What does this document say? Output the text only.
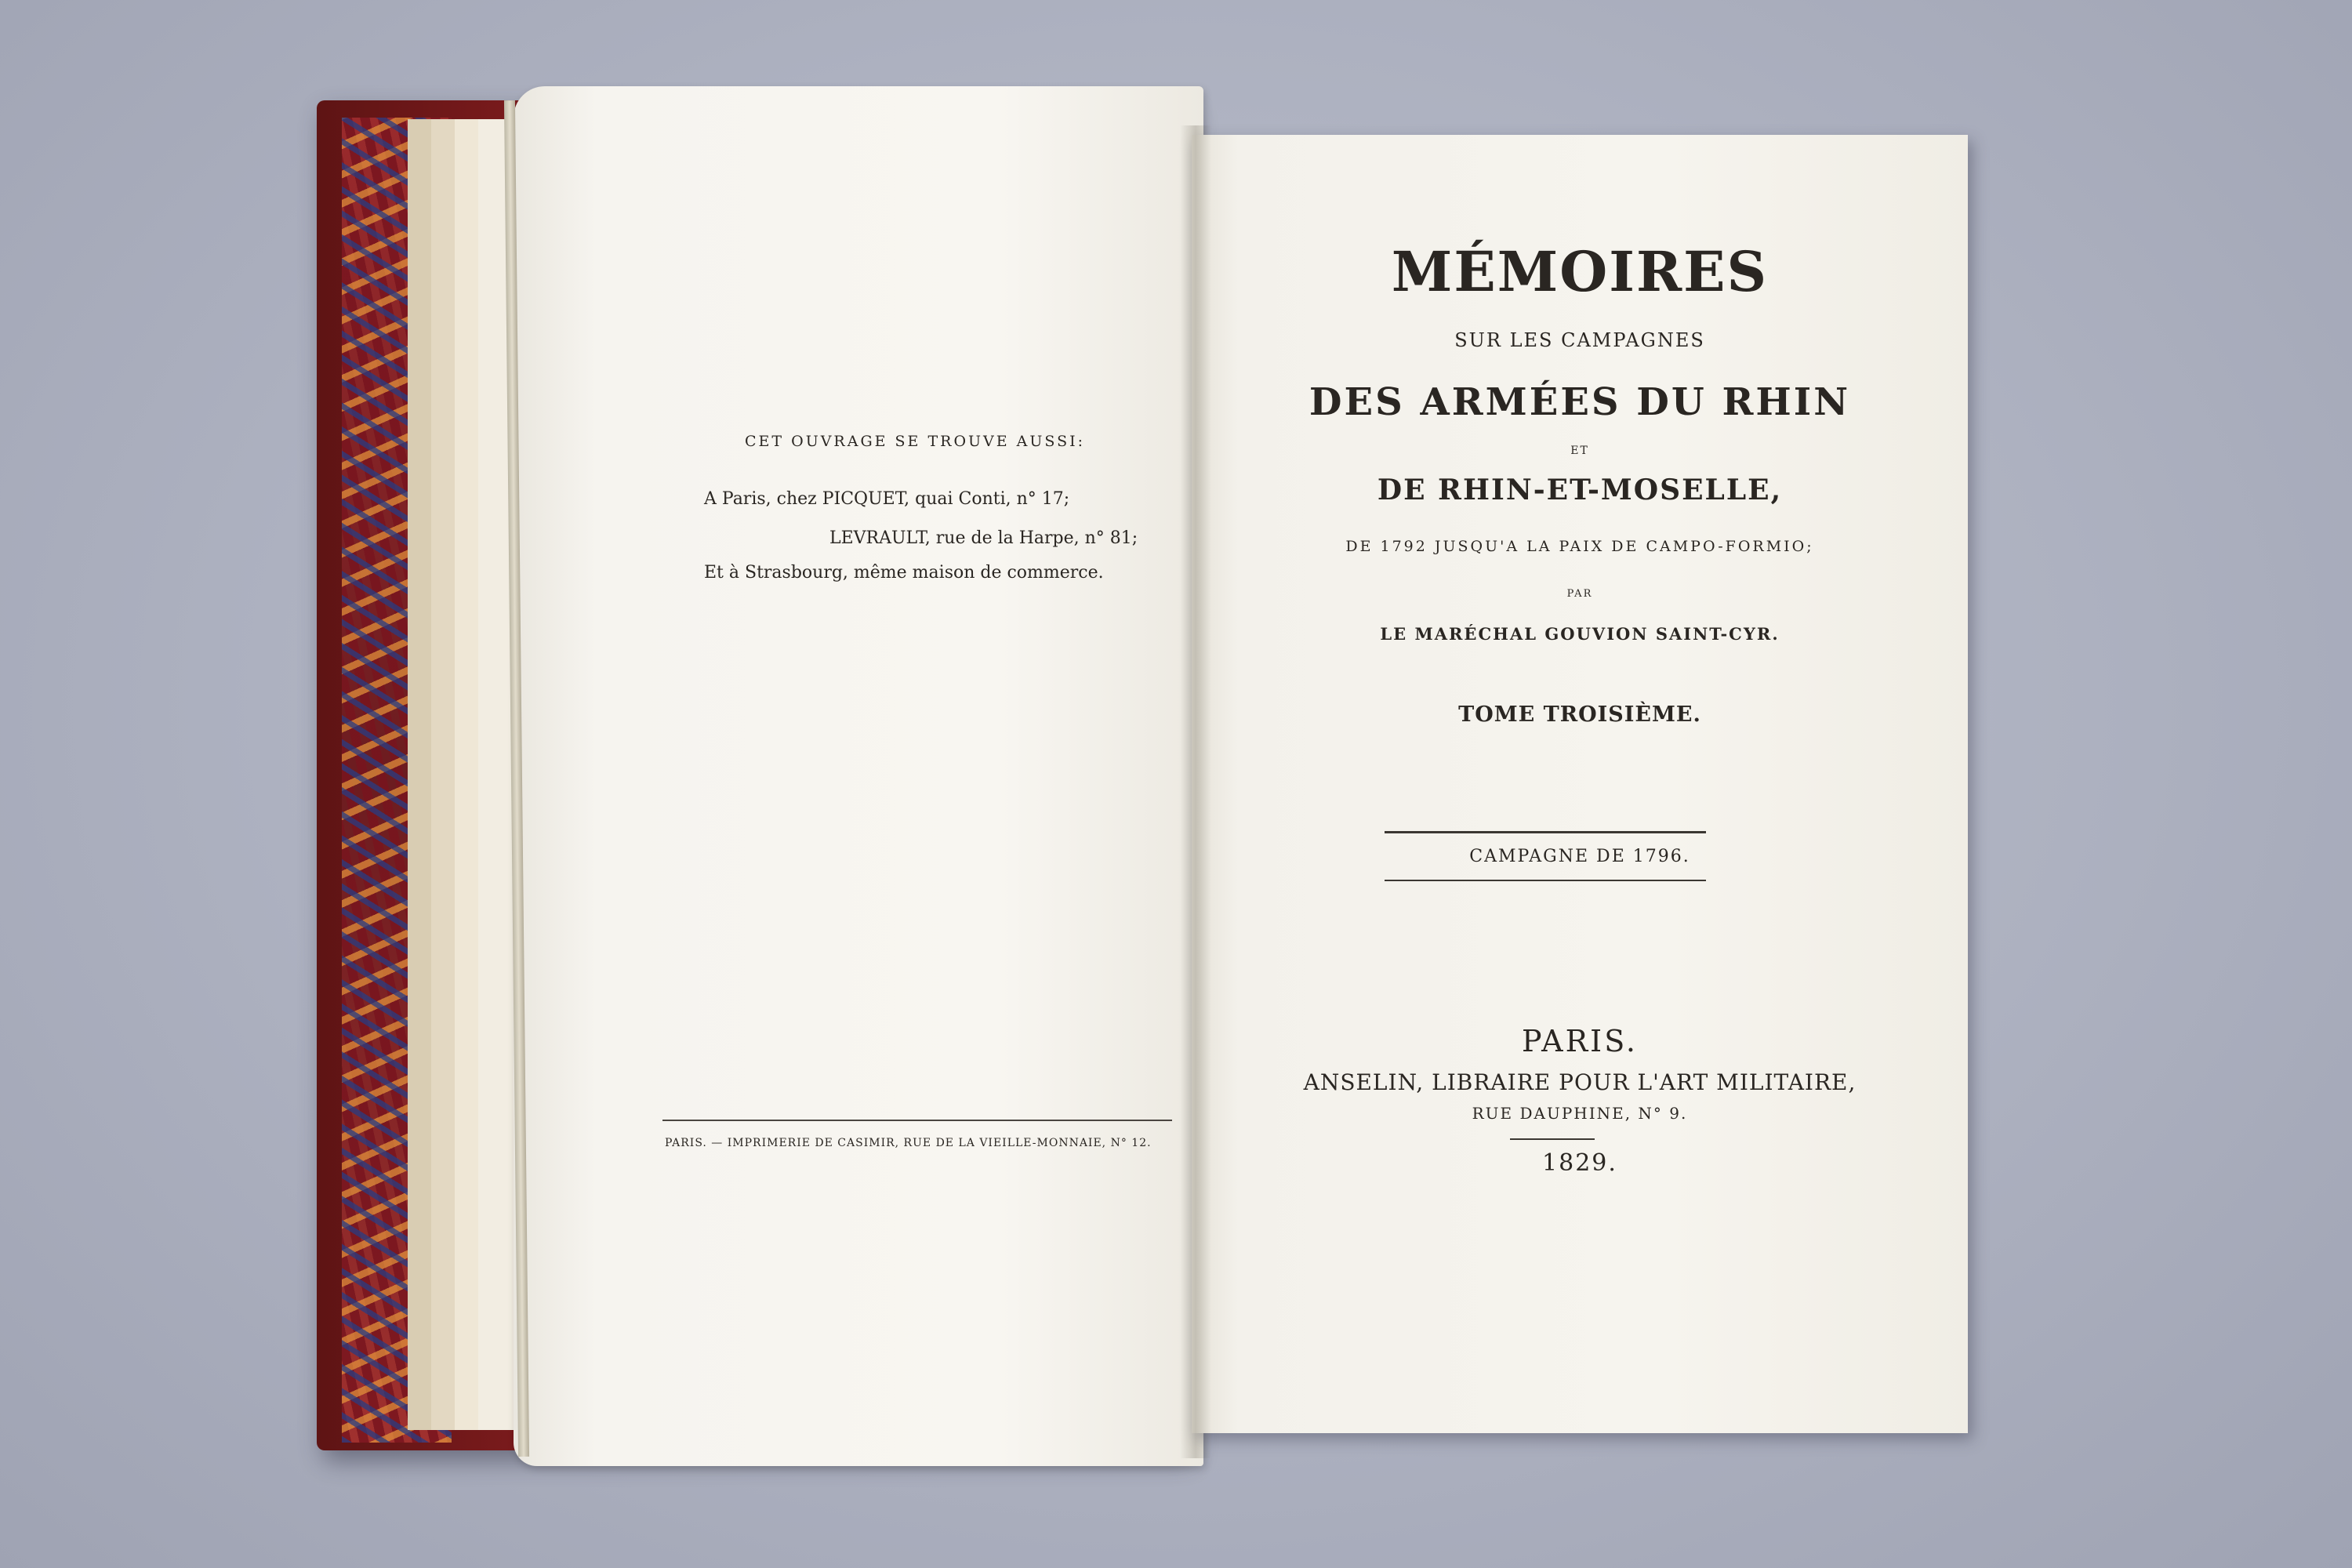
CET OUVRAGE SE TROUVE AUSSI:
A Paris, chez PICQUET, quai Conti, n° 17;
LEVRAULT, rue de la Harpe, n° 81;
Et à Strasbourg, même maison de commerce.
PARIS. — IMPRIMERIE DE CASIMIR, RUE DE LA VIEILLE-MONNAIE, N° 12.
MÉMOIRES
SUR LES CAMPAGNES
DES ARMÉES DU RHIN
ET
DE RHIN-ET-MOSELLE,
DE 1792 JUSQU'A LA PAIX DE CAMPO-FORMIO;
PAR
LE MARÉCHAL GOUVION SAINT-CYR.
TOME TROISIÈME.
CAMPAGNE DE 1796.
PARIS.
ANSELIN, LIBRAIRE POUR L'ART MILITAIRE,
RUE DAUPHINE, N° 9.
1829.
